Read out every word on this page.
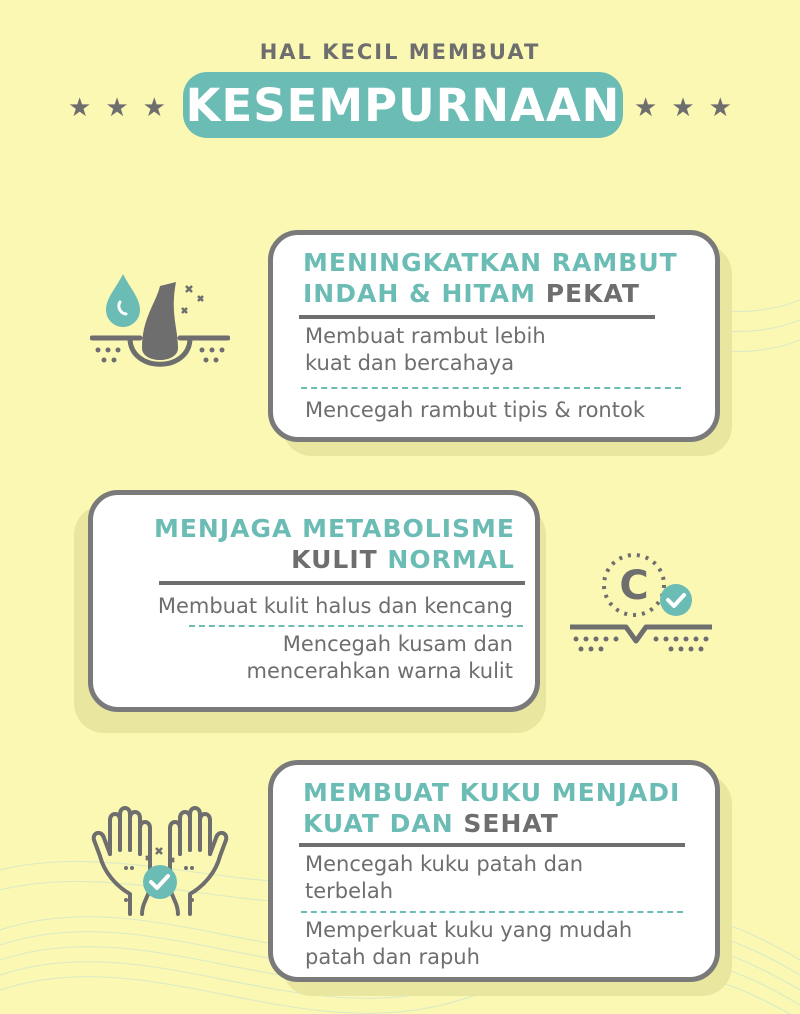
HAL KECIL MEMBUAT
★ ★ ★ KESEMPURNAAN ★ ★ ★
MENINGKATKAN RAMBUT
INDAH & HITAM PEKAT
Membuat rambut lebih
kuat dan bercahaya
Mencegah rambut tipis & rontok
MENJAGA METABOLISME
KULIT NORMAL
Membuat kulit halus dan kencang
Mencegah kusam dan
mencerahkan warna kulit
C
MEMBUAT KUKU MENJADI
KUAT DAN SEHAT
Mencegah kuku patah dan
terbelah
Memperkuat kuku yang mudah
patah dan rapuh
